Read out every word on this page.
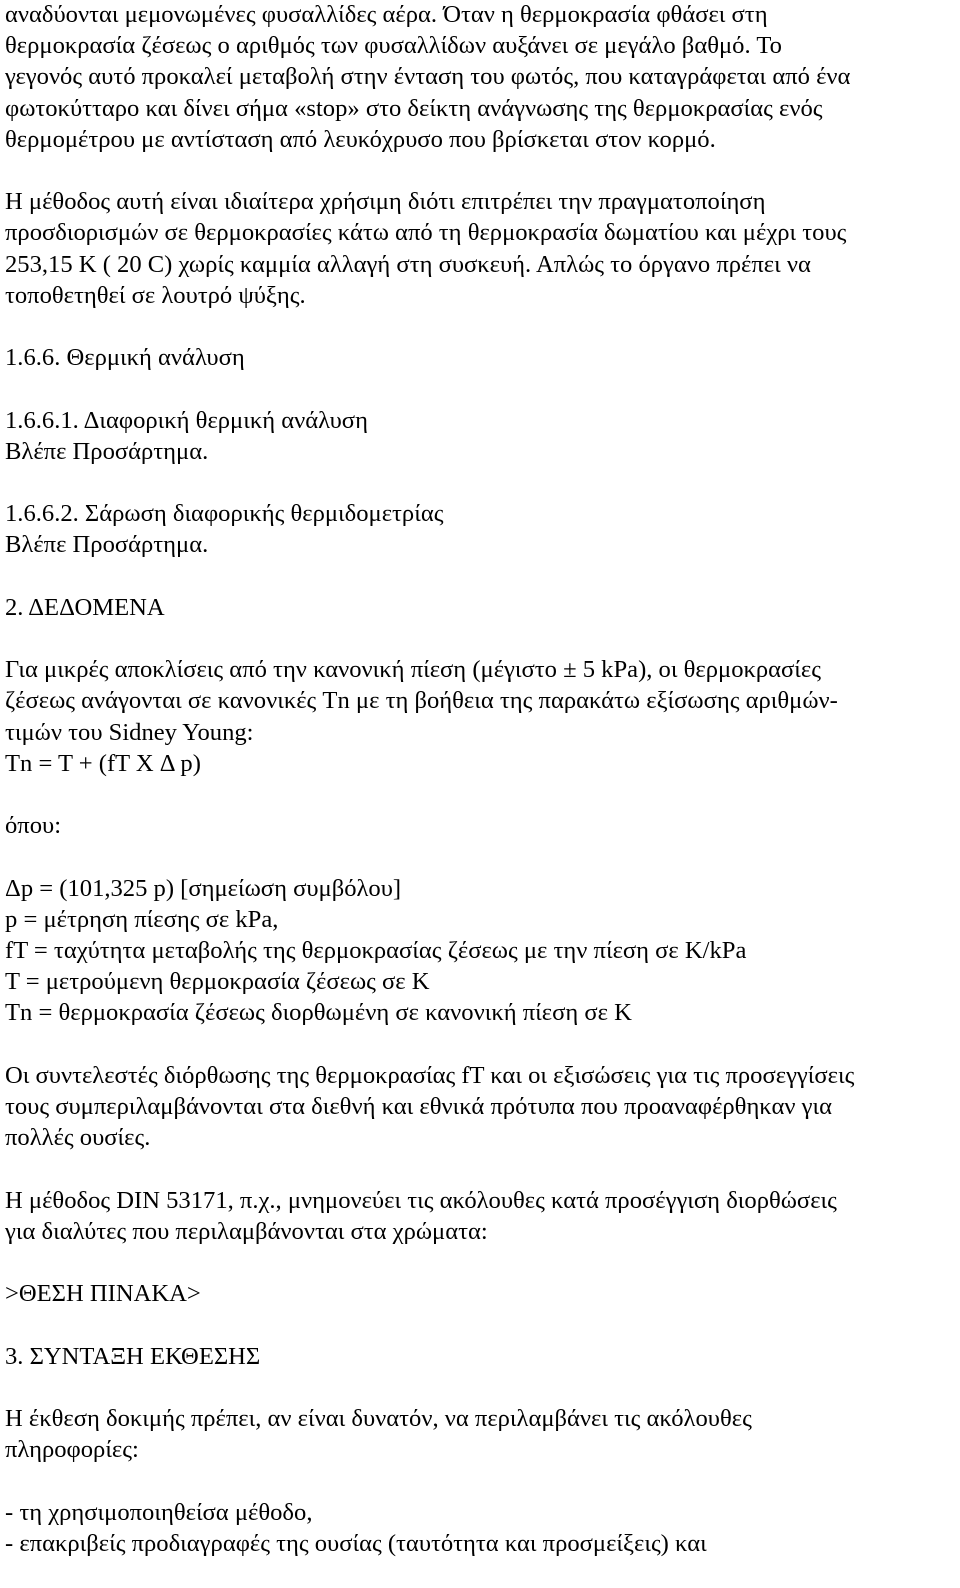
αναδύονται μεμονωμένες φυσαλλίδες αέρα. Όταν η θερμοκρασία φθάσει στη
θερμοκρασία ζέσεως ο αριθμός των φυσαλλίδων αυξάνει σε μεγάλο βαθμό. Το
γεγονός αυτό προκαλεί μεταβολή στην ένταση του φωτός, που καταγράφεται από ένα
φωτοκύτταρο και δίνει σήμα «stop» στο δείκτη ανάγνωσης της θερμοκρασίας ενός
θερμομέτρου με αντίσταση από λευκόχρυσο που βρίσκεται στον κορμό.

Η μέθοδος αυτή είναι ιδιαίτερα χρήσιμη διότι επιτρέπει την πραγματοποίηση
προσδιορισμών σε θερμοκρασίες κάτω από τη θερμοκρασία δωματίου και μέχρι τους
253,15 K ( 20 C) χωρίς καμμία αλλαγή στη συσκευή. Απλώς το όργανο πρέπει να
τοποθετηθεί σε λουτρό ψύξης.

1.6.6. Θερμική ανάλυση

1.6.6.1. Διαφορική θερμική ανάλυση
Βλέπε Προσάρτημα.

1.6.6.2. Σάρωση διαφορικής θερμιδομετρίας
Βλέπε Προσάρτημα.

2. ΔΕΔΟΜΕΝΑ

Για μικρές αποκλίσεις από την κανονική πίεση (μέγιστο ± 5 kPa), οι θερμοκρασίες
ζέσεως ανάγονται σε κανονικές Tn με τη βοήθεια της παρακάτω εξίσωσης αριθμών-
τιμών του Sidney Young:
Tn = T + (fT X Δ p)

όπου:

Δp = (101,325 p) [σημείωση συμβόλου]
p = μέτρηση πίεσης σε kPa,
fT = ταχύτητα μεταβολής της θερμοκρασίας ζέσεως με την πίεση σε K/kPa
T = μετρούμενη θερμοκρασία ζέσεως σε K
Tn = θερμοκρασία ζέσεως διορθωμένη σε κανονική πίεση σε K

Οι συντελεστές διόρθωσης της θερμοκρασίας fT και οι εξισώσεις για τις προσεγγίσεις
τους συμπεριλαμβάνονται στα διεθνή και εθνικά πρότυπα που προαναφέρθηκαν για
πολλές ουσίες.

Η μέθοδος DIN 53171, π.χ., μνημονεύει τις ακόλουθες κατά προσέγγιση διορθώσεις
για διαλύτες που περιλαμβάνονται στα χρώματα:

>ΘΕΣΗ ΠΙΝΑΚΑ>

3. ΣΥΝΤΑΞΗ ΕΚΘΕΣΗΣ

Η έκθεση δοκιμής πρέπει, αν είναι δυνατόν, να περιλαμβάνει τις ακόλουθες
πληροφορίες:

- τη χρησιμοποιηθείσα μέθοδο,
- επακριβείς προδιαγραφές της ουσίας (ταυτότητα και προσμείξεις) και
